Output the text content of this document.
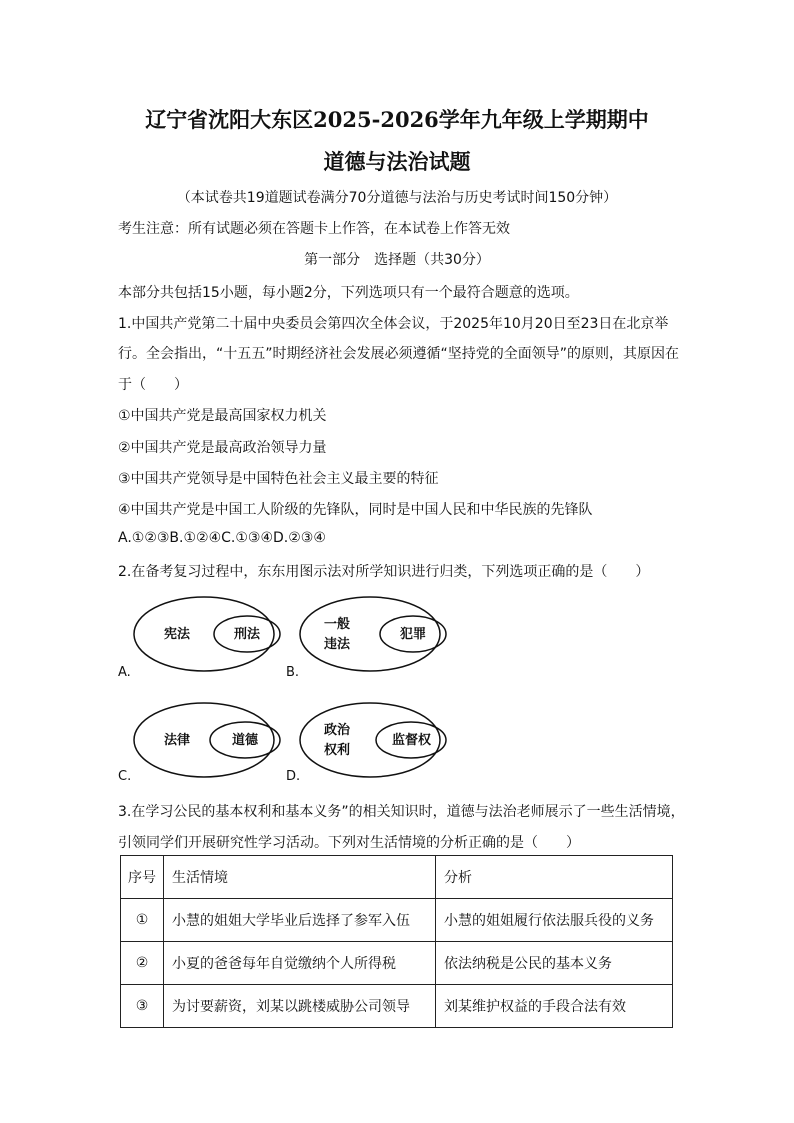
辽宁省沈阳大东区2025-2026学年九年级上学期期中
道德与法治试题
（本试卷共19道题试卷满分70分道德与法治与历史考试时间150分钟）
考生注意：所有试题必须在答题卡上作答，在本试卷上作答无效
第一部分　选择题（共30分）
本部分共包括15小题，每小题2分，下列选项只有一个最符合题意的选项。
1.中国共产党第二十届中央委员会第四次全体会议，于2025年10月20日至23日在北京举
行。全会指出，“十五五”时期经济社会发展必须遵循“坚持党的全面领导”的原则，其原因在
于（　　）
①中国共产党是最高国家权力机关
②中国共产党是最高政治领导力量
③中国共产党领导是中国特色社会主义最主要的特征
④中国共产党是中国工人阶级的先锋队，同时是中国人民和中华民族的先锋队
A.①②③B.①②④C.①③④D.②③④
2.在备考复习过程中，东东用图示法对所学知识进行归类，下列选项正确的是（　　）
宪法	刑法
A.
一般
违法
犯罪
B.
法律	道德
C.
政治
权利
监督权
D.
3.在学习公民的基本权利和基本义务”的相关知识时，道德与法治老师展示了一些生活情境，
引领同学们开展研究性学习活动。下列对生活情境的分析正确的是（　　）
序号	生活情境	分析
①	小慧的姐姐大学毕业后选择了参军入伍	小慧的姐姐履行依法服兵役的义务
②	小夏的爸爸每年自觉缴纳个人所得税	依法纳税是公民的基本义务
③	为讨要薪资，刘某以跳楼威胁公司领导	刘某维护权益的手段合法有效
